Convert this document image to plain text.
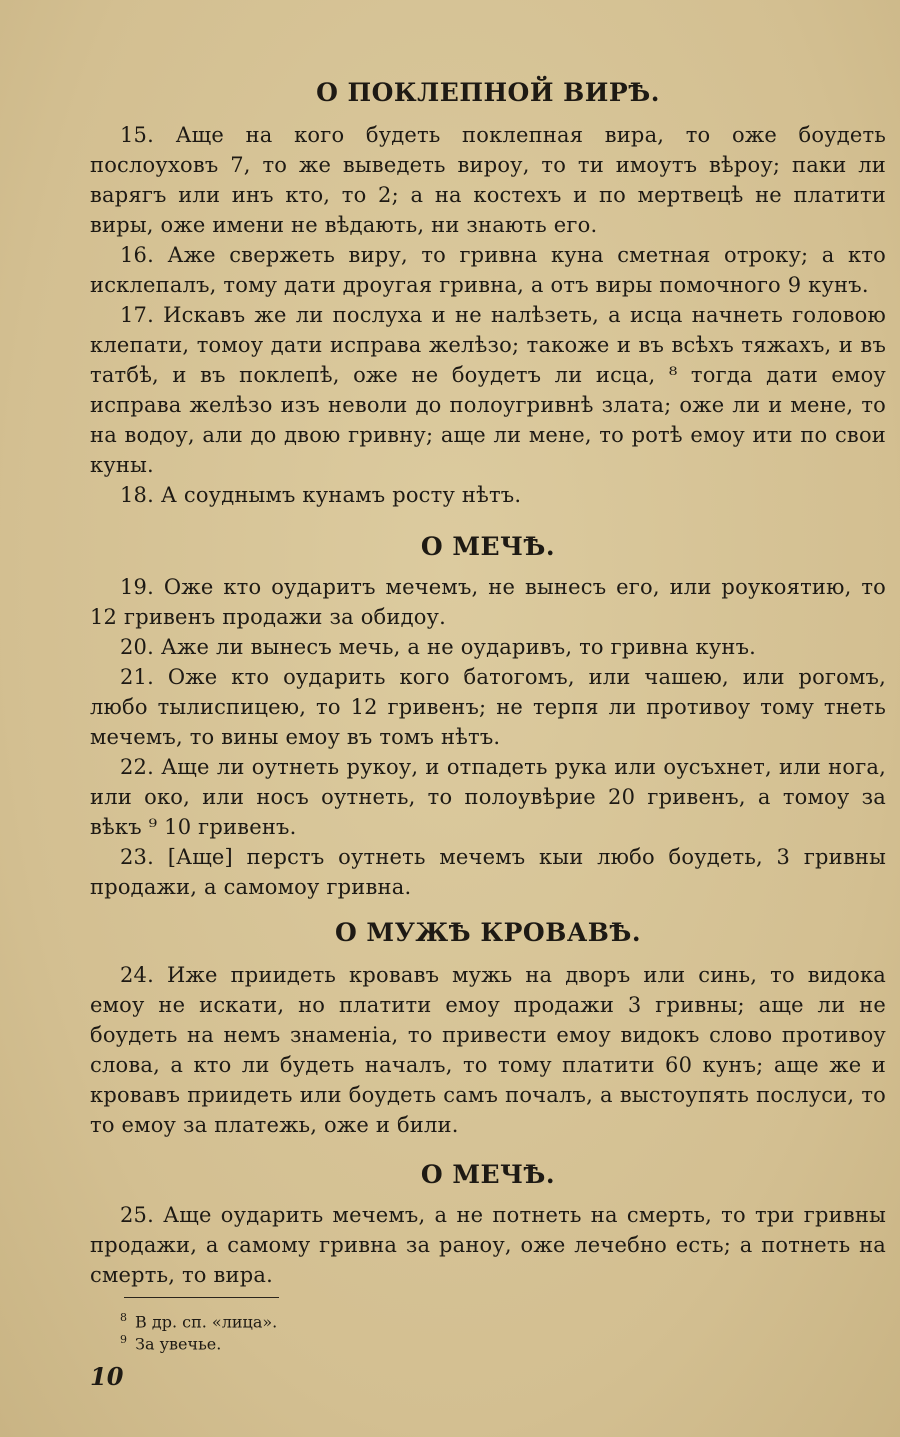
О ПОКЛЕПНОЙ ВИРѢ.

15. Аще на кого будеть поклепная вира, то оже боудеть послоуховъ 7, то же выведеть вироу, то ти имоутъ вѣроу; паки ли варягъ или инъ кто, то 2; а на костехъ и по мертвецѣ не платити виры, оже имени не вѣдають, ни знають его.

16. Аже свержеть виру, то гривна куна сметная отроку; а кто исклепалъ, тому дати дроугая гривна, а отъ виры помочного 9 кунъ.

17. Искавъ же ли послуха и не налѣзеть, а исца начнеть головою клепати, томоу дати исправа желѣзо; такоже и въ всѣхъ тяжахъ, и въ татбѣ, и въ поклепѣ, оже не боудетъ ли исца, ⁸ тогда дати емоу исправа желѣзо изъ неволи до полоугривнѣ злата; оже ли и мене, то на водоу, али до двою гривну; аще ли мене, то ротѣ емоу ити по свои куны.

18. А соуднымъ кунамъ росту нѣтъ.

О МЕЧѢ.

19. Оже кто оударитъ мечемъ, не вынесъ его, или роукоятию, то 12 гривенъ продажи за обидоу.

20. Аже ли вынесъ мечь, а не оударивъ, то гривна кунъ.

21. Оже кто оударить кого батогомъ, или чашею, или рогомъ, любо тылиспицею, то 12 гривенъ; не терпя ли противоу тому тнеть мечемъ, то вины емоу въ томъ нѣтъ.

22. Аще ли оутнеть рукоу, и отпадеть рука или оусъхнет, или нога, или око, или носъ оутнеть, то полоувѣрие 20 гривенъ, а томоу за вѣкъ ⁹ 10 гривенъ.

23. [Аще] перстъ оутнеть мечемъ кыи любо боудеть, 3 гривны продажи, а самомоу гривна.

О МУЖѢ КРОВАВѢ.

24. Иже приидеть кровавъ мужь на дворъ или синь, то видока емоу не искати, но платити емоу продажи 3 гривны; аще ли не боудеть на немъ знаменіа, то привести емоу видокъ слово противоу слова, а кто ли будеть началъ, то тому платити 60 кунъ; аще же и кровавъ приидеть или боудеть самъ почалъ, а выстоупять послуси, то то емоу за платежь, оже и били.

О МЕЧѢ.

25. Аще оударить мечемъ, а не потнеть на смерть, то три гривны продажи, а самому гривна за раноу, оже лечебно есть; а потнеть на смерть, то вира.

$^8$ В др. сп. «лица».
$^9$ За увечье.
10
